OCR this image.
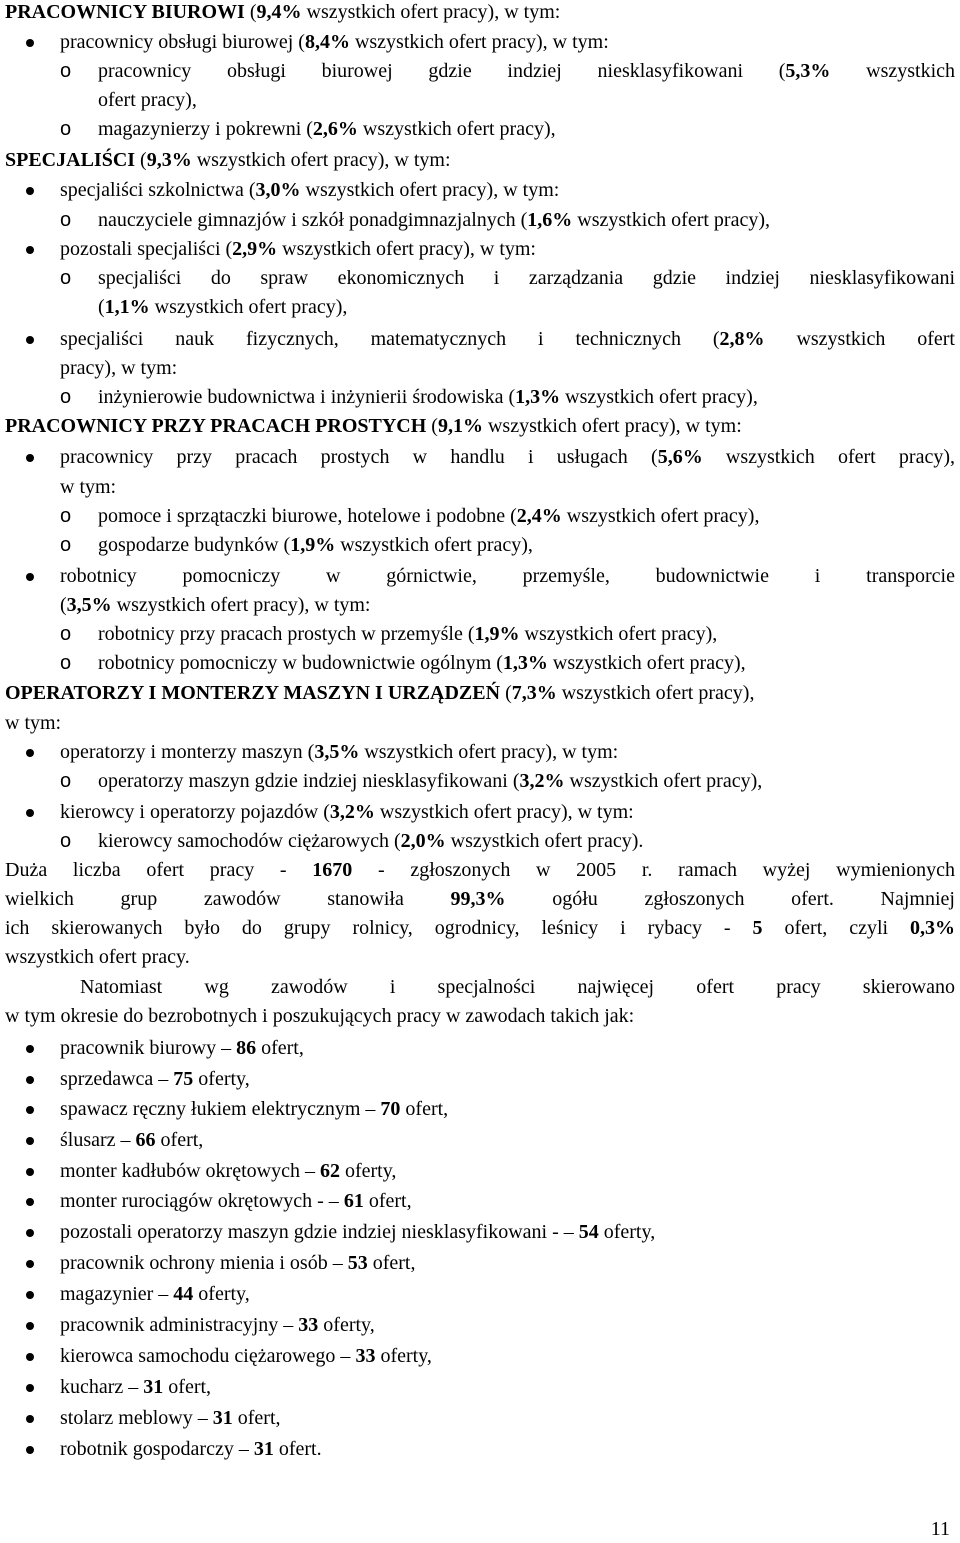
PRACOWNICY BIUROWI (9,4% wszystkich ofert pracy), w tym:
pracownicy obsługi biurowej (8,4% wszystkich ofert pracy), w tym:
pracownicy obsługi biurowej gdzie indziej niesklasyfikowani (5,3% wszystkich
o
ofert pracy),
magazynierzy i pokrewni (2,6% wszystkich ofert pracy),
o
SPECJALIŚCI (9,3% wszystkich ofert pracy), w tym:
specjaliści szkolnictwa (3,0% wszystkich ofert pracy), w tym:
nauczyciele gimnazjów i szkół ponadgimnazjalnych (1,6% wszystkich ofert pracy),
o
pozostali specjaliści (2,9% wszystkich ofert pracy), w tym:
specjaliści do spraw ekonomicznych i zarządzania gdzie indziej niesklasyfikowani
o
(1,1% wszystkich ofert pracy),
specjaliści nauk fizycznych, matematycznych i technicznych (2,8% wszystkich ofert
pracy), w tym:
inżynierowie budownictwa i inżynierii środowiska (1,3% wszystkich ofert pracy),
o
PRACOWNICY PRZY PRACACH PROSTYCH (9,1% wszystkich ofert pracy), w tym:
pracownicy przy pracach prostych w handlu i usługach (5,6% wszystkich ofert pracy),
w tym:
pomoce i sprzątaczki biurowe, hotelowe i podobne (2,4% wszystkich ofert pracy),
o
gospodarze budynków (1,9% wszystkich ofert pracy),
o
robotnicy pomocniczy w górnictwie, przemyśle, budownictwie i transporcie
(3,5% wszystkich ofert pracy), w tym:
robotnicy przy pracach prostych w przemyśle (1,9% wszystkich ofert pracy),
o
robotnicy pomocniczy w budownictwie ogólnym (1,3% wszystkich ofert pracy),
o
OPERATORZY I MONTERZY MASZYN I URZĄDZEŃ (7,3% wszystkich ofert pracy),
w tym:
operatorzy i monterzy maszyn (3,5% wszystkich ofert pracy), w tym:
operatorzy maszyn gdzie indziej niesklasyfikowani (3,2% wszystkich ofert pracy),
o
kierowcy i operatorzy pojazdów (3,2% wszystkich ofert pracy), w tym:
kierowcy samochodów ciężarowych (2,0% wszystkich ofert pracy).
o
Duża liczba ofert pracy - 1670 - zgłoszonych w 2005 r. ramach wyżej wymienionych
wielkich grup zawodów stanowiła 99,3% ogółu zgłoszonych ofert. Najmniej
ich skierowanych było do grupy rolnicy, ogrodnicy, leśnicy i rybacy - 5 ofert, czyli 0,3%
wszystkich ofert pracy.
Natomiast wg zawodów i specjalności najwięcej ofert pracy skierowano
w tym okresie do bezrobotnych i poszukujących pracy w zawodach takich jak:
pracownik biurowy – 86 ofert,
sprzedawca – 75 oferty,
spawacz ręczny łukiem elektrycznym – 70 ofert,
ślusarz – 66 ofert,
monter kadłubów okrętowych – 62 oferty,
monter rurociągów okrętowych - – 61 ofert,
pozostali operatorzy maszyn gdzie indziej niesklasyfikowani - – 54 oferty,
pracownik ochrony mienia i osób – 53 ofert,
magazynier – 44 oferty,
pracownik administracyjny – 33 oferty,
kierowca samochodu ciężarowego – 33 oferty,
kucharz – 31 ofert,
stolarz meblowy – 31 ofert,
robotnik gospodarczy – 31 ofert.
11
